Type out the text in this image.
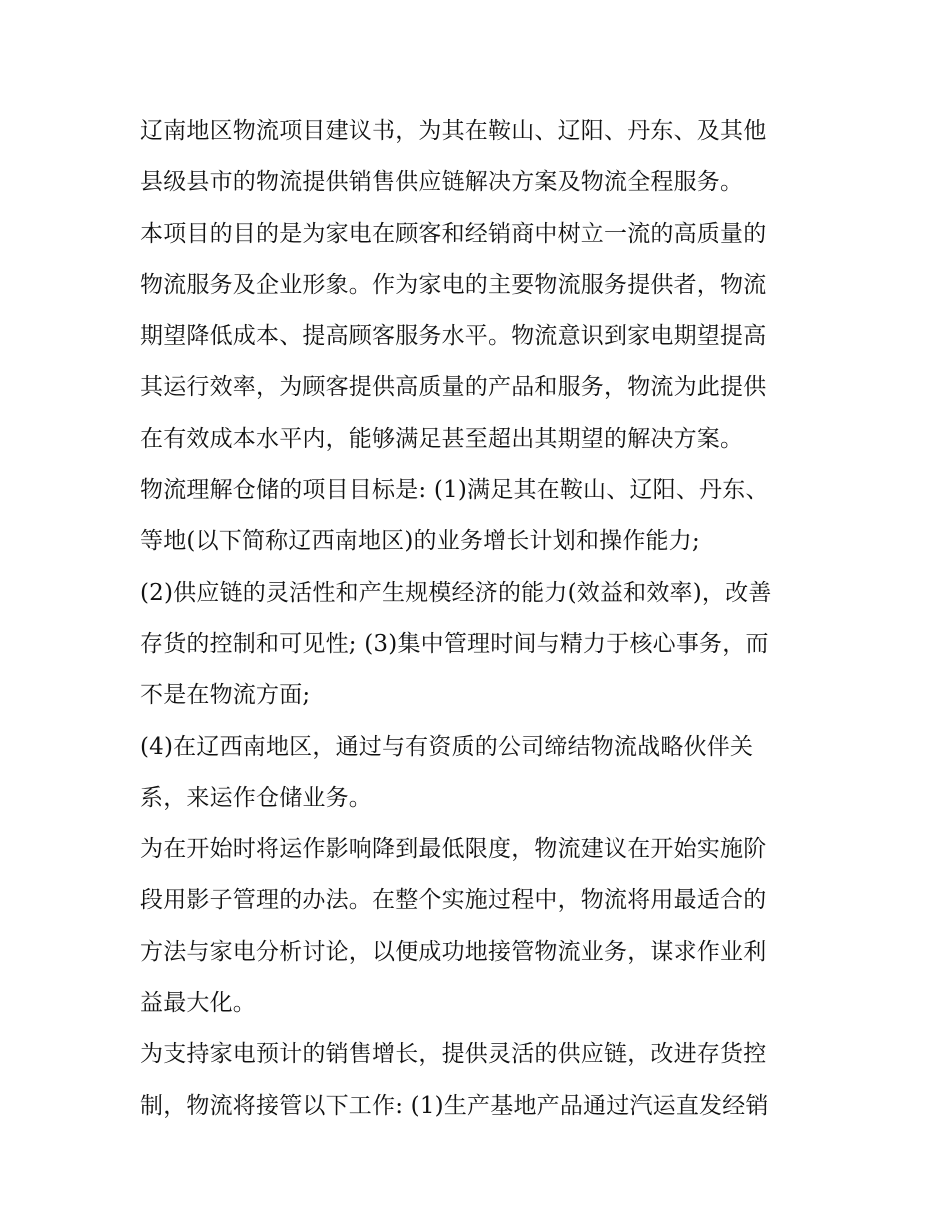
辽南地区物流项目建议书，为其在鞍山、辽阳、丹东、及其他
县级县市的物流提供销售供应链解决方案及物流全程服务。
本项目的目的是为家电在顾客和经销商中树立一流的高质量的
物流服务及企业形象。作为家电的主要物流服务提供者，物流
期望降低成本、提高顾客服务水平。物流意识到家电期望提高
其运行效率，为顾客提供高质量的产品和服务，物流为此提供
在有效成本水平内，能够满足甚至超出其期望的解决方案。
物流理解仓储的项目目标是: (1)满足其在鞍山、辽阳、丹东、
等地(以下简称辽西南地区)的业务增长计划和操作能力;
(2)供应链的灵活性和产生规模经济的能力(效益和效率)，改善
存货的控制和可见性; (3)集中管理时间与精力于核心事务，而
不是在物流方面;
(4)在辽西南地区，通过与有资质的公司缔结物流战略伙伴关
系，来运作仓储业务。
为在开始时将运作影响降到最低限度，物流建议在开始实施阶
段用影子管理的办法。在整个实施过程中，物流将用最适合的
方法与家电分析讨论，以便成功地接管物流业务，谋求作业利
益最大化。
为支持家电预计的销售增长，提供灵活的供应链，改进存货控
制，物流将接管以下工作: (1)生产基地产品通过汽运直发经销
